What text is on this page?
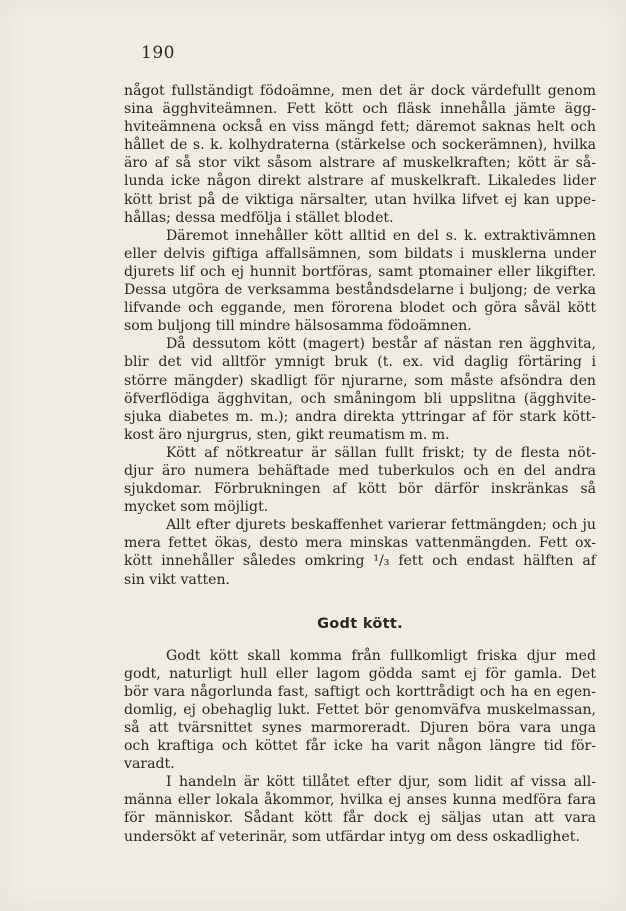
190
något fullständigt födoämne, men det är dock värdefullt genom
sina ägghviteämnen. Fett kött och fläsk innehålla jämte ägg-
hviteämnena också en viss mängd fett; däremot saknas helt och
hållet de s. k. kolhydraterna (stärkelse och sockerämnen), hvilka
äro af så stor vikt såsom alstrare af muskelkraften; kött är så-
lunda icke någon direkt alstrare af muskelkraft. Likaledes lider
kött brist på de viktiga närsalter, utan hvilka lifvet ej kan uppe-
hållas; dessa medfölja i stället blodet.
Däremot innehåller kött alltid en del s. k. extraktivämnen
eller delvis giftiga affallsämnen, som bildats i musklerna under
djurets lif och ej hunnit bortföras, samt ptomainer eller likgifter.
Dessa utgöra de verksamma beståndsdelarne i buljong; de verka
lifvande och eggande, men förorena blodet och göra såväl kött
som buljong till mindre hälsosamma födoämnen.
Då dessutom kött (magert) består af nästan ren ägghvita,
blir det vid alltför ymnigt bruk (t. ex. vid daglig förtäring i
större mängder) skadligt för njurarne, som måste afsöndra den
öfverflödiga ägghvitan, och småningom bli uppslitna (ägghvite-
sjuka diabetes m. m.); andra direkta yttringar af för stark kött-
kost äro njurgrus, sten, gikt reumatism m. m.
Kött af nötkreatur är sällan fullt friskt; ty de flesta nöt-
djur äro numera behäftade med tuberkulos och en del andra
sjukdomar. Förbrukningen af kött bör därför inskränkas så
mycket som möjligt.
Allt efter djurets beskaffenhet varierar fettmängden; och ju
mera fettet ökas, desto mera minskas vattenmängden. Fett ox-
kött innehåller således omkring ¹/₃ fett och endast hälften af
sin vikt vatten.
Godt kött.
Godt kött skall komma från fullkomligt friska djur med
godt, naturligt hull eller lagom gödda samt ej för gamla. Det
bör vara någorlunda fast, saftigt och korttrådigt och ha en egen-
domlig, ej obehaglig lukt. Fettet bör genomväfva muskelmassan,
så att tvärsnittet synes marmoreradt. Djuren böra vara unga
och kraftiga och köttet får icke ha varit någon längre tid för-
varadt.
I handeln är kött tillåtet efter djur, som lidit af vissa all-
männa eller lokala åkommor, hvilka ej anses kunna medföra fara
för människor. Sådant kött får dock ej säljas utan att vara
undersökt af veterinär, som utfärdar intyg om dess oskadlighet.
